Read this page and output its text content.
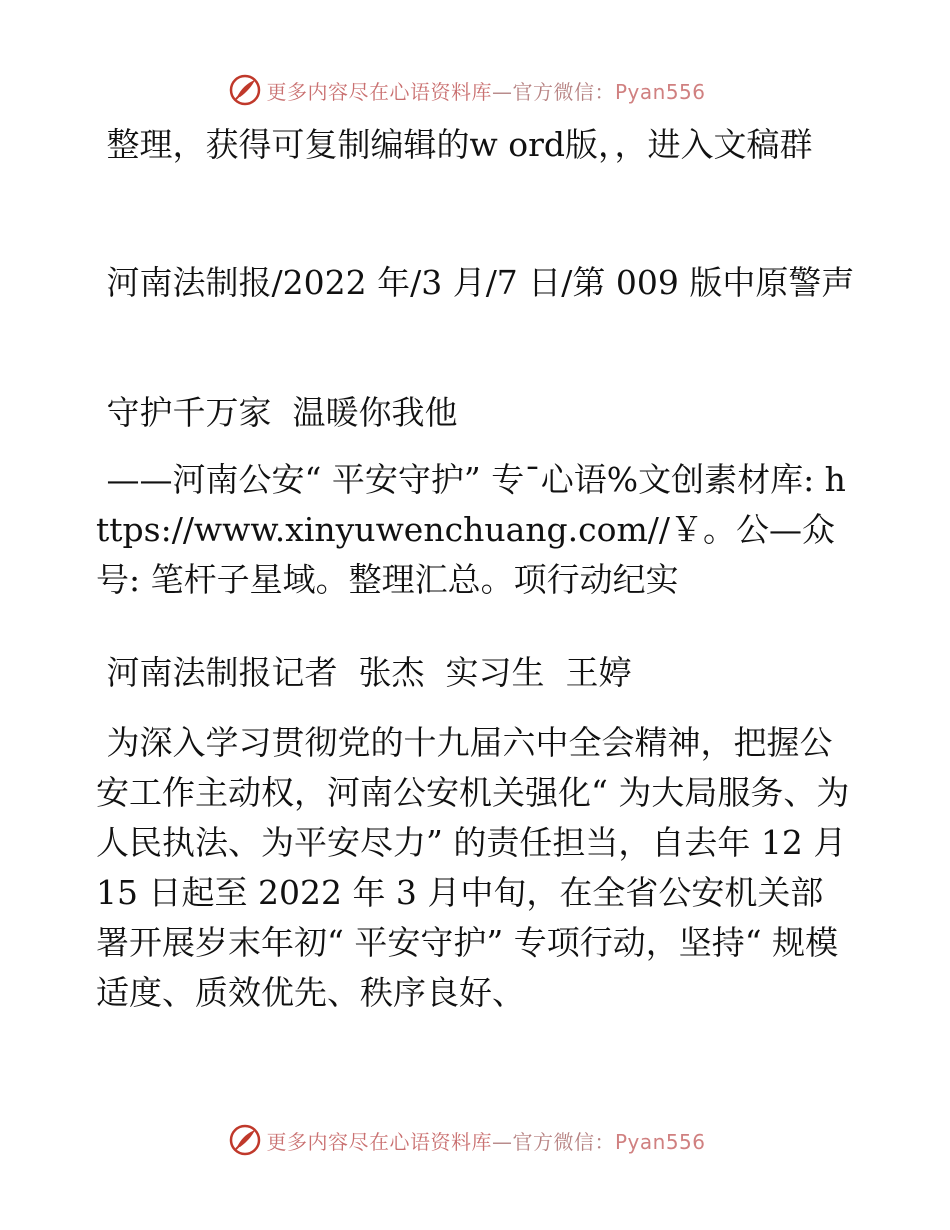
更多内容尽在心语资料库—官方微信：Pyan556

整理，获得可复制编辑的w ord版，，进入文稿群

河南法制报/2022 年/3 月/7 日/第 009 版中原警声

守护千万家  温暖你我他

——河南公安“ 平安守护” 专¯心语%文创素材库: https://www.xinyuwenchuang.com//￥。公—众号: 笔杆子星域。整理汇总。项行动纪实

河南法制报记者  张杰  实习生  王婷

为深入学习贯彻党的十九届六中全会精神，把握公安工作主动权，河南公安机关强化“ 为大局服务、为人民执法、为平安尽力” 的责任担当，自去年 12 月 15 日起至 2022 年 3 月中旬，在全省公安机关部署开展岁末年初“ 平安守护” 专项行动，坚持“ 规模适度、质效优先、秩序良好、

更多内容尽在心语资料库—官方微信：Pyan556
